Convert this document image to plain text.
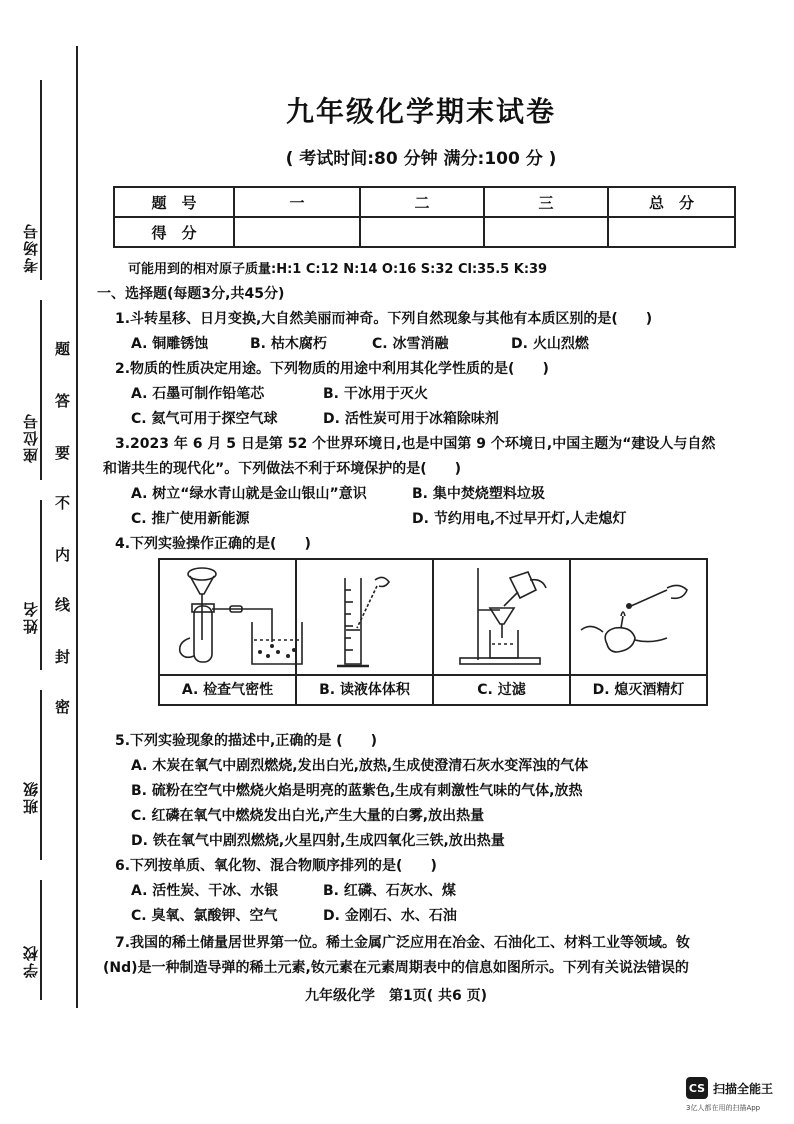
考场号
座位号
姓名
班级
学校
题
答
要
不
内
线
封
密
九年级化学期末试卷
( 考试时间:80 分钟 满分:100 分 )
题　号	一	二	三	总　分
得　分				
可能用到的相对原子质量:H:1 C:12 N:14 O:16 S:32 Cl:35.5 K:39
一、选择题(每题3分,共45分)
1.斗转星移、日月变换,大自然美丽而神奇。下列自然现象与其他有本质区别的是(　　)
A. 铜雕锈蚀	B. 枯木腐朽	C. 冰雪消融	D. 火山烈燃
2.物质的性质决定用途。下列物质的用途中利用其化学性质的是(　　)
A. 石墨可制作铅笔芯	B. 干冰用于灭火
C. 氦气可用于探空气球	D. 活性炭可用于冰箱除味剂
3.2023 年 6 月 5 日是第 52 个世界环境日,也是中国第 9 个环境日,中国主题为“建设人与自然
和谐共生的现代化”。下列做法不利于环境保护的是(　　)
A. 树立“绿水青山就是金山银山”意识	B. 集中焚烧塑料垃圾
C. 推广使用新能源	D. 节约用电,不过早开灯,人走熄灯
4.下列实验操作正确的是(　　)
A. 检查气密性	B. 读液体体积	C. 过滤	D. 熄灭酒精灯
5.下列实验现象的描述中,正确的是 (　　)
A. 木炭在氧气中剧烈燃烧,发出白光,放热,生成使澄清石灰水变浑浊的气体
B. 硫粉在空气中燃烧火焰是明亮的蓝紫色,生成有刺激性气味的气体,放热
C. 红磷在氧气中燃烧发出白光,产生大量的白雾,放出热量
D. 铁在氧气中剧烈燃烧,火星四射,生成四氧化三铁,放出热量
6.下列按单质、氧化物、混合物顺序排列的是(　　)
A. 活性炭、干冰、水银	B. 红磷、石灰水、煤
C. 臭氧、氯酸钾、空气	D. 金刚石、水、石油
7.我国的稀土储量居世界第一位。稀土金属广泛应用在冶金、石油化工、材料工业等领域。钕
(Nd)是一种制造导弹的稀土元素,钕元素在元素周期表中的信息如图所示。下列有关说法错误的
九年级化学　第1页( 共6 页)
CS 扫描全能王
3亿人都在用的扫描App
